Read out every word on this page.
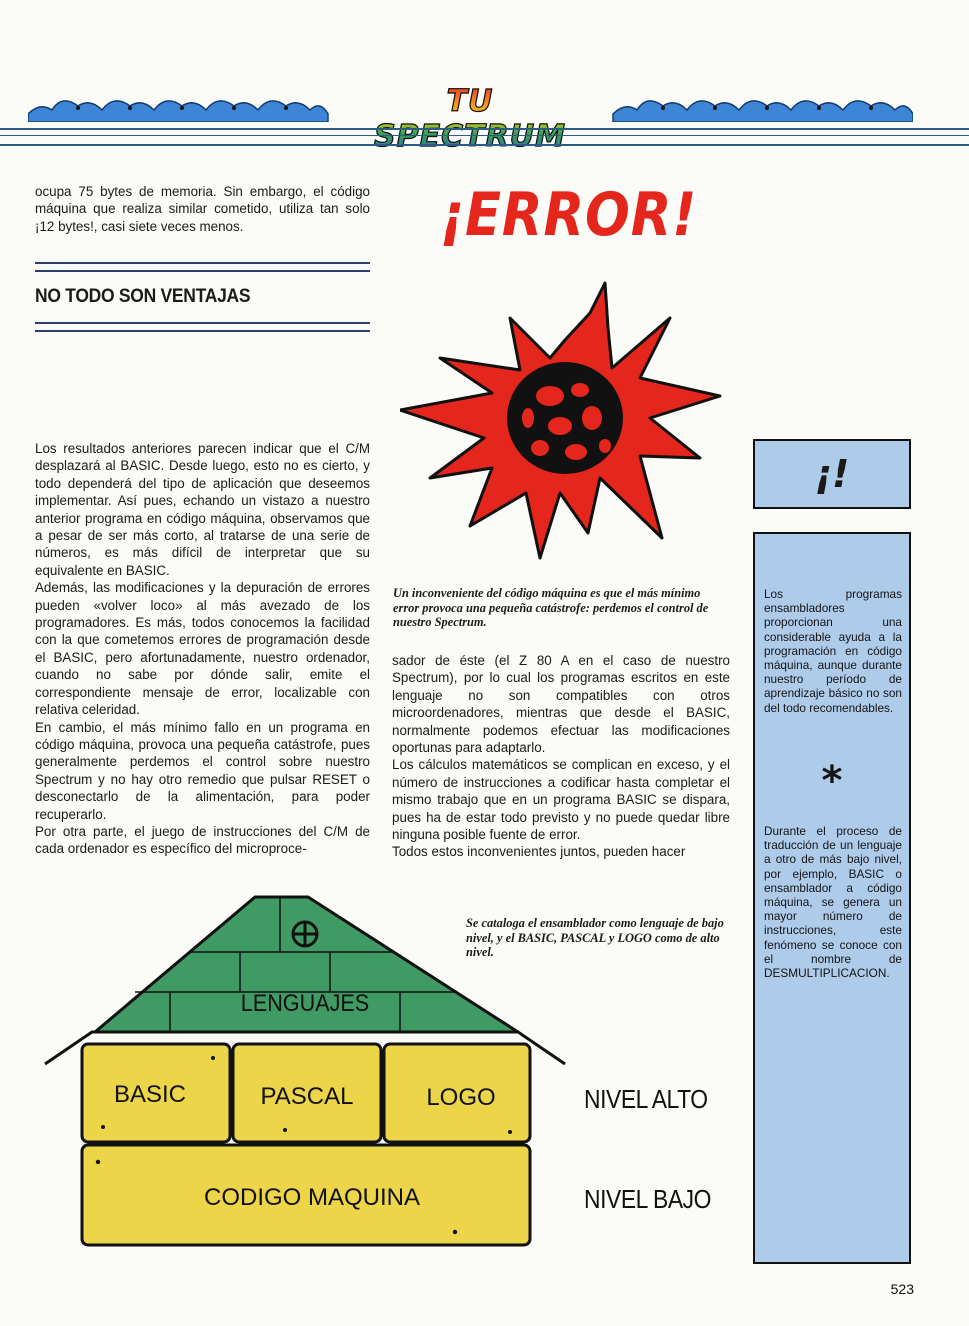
TU SPECTRUM

ocupa 75 bytes de memoria. Sin embargo, el código máquina que realiza similar cometido, utiliza tan solo ¡12 bytes!, casi siete veces menos.

NO TODO SON VENTAJAS

Los resultados anteriores parecen indicar que el C/M desplazará al BASIC. Desde luego, esto no es cierto, y todo dependerá del tipo de aplicación que deseemos implementar. Así pues, echando un vistazo a nuestro anterior programa en código máquina, observamos que a pesar de ser más corto, al tratarse de una serie de números, es más difícil de interpretar que su equivalente en BASIC.

Además, las modificaciones y la depuración de errores pueden «volver loco» al más avezado de los programadores. Es más, todos conocemos la facilidad con la que cometemos errores de programación desde el BASIC, pero afortunadamente, nuestro ordenador, cuando no sabe por dónde salir, emite el correspondiente mensaje de error, localizable con relativa celeridad.

En cambio, el más mínimo fallo en un programa en código máquina, provoca una pequeña catástrofe, pues generalmente perdemos el control sobre nuestro Spectrum y no hay otro remedio que pulsar RESET o desconectarlo de la alimentación, para poder recuperarlo.

Por otra parte, el juego de instrucciones del C/M de cada ordenador es específico del microproce-

¡ERROR!
Un inconveniente del código máquina es que el más mínimo error provoca una pequeña catástrofe: perdemos el control de nuestro Spectrum.

sador de éste (el Z 80 A en el caso de nuestro Spectrum), por lo cual los programas escritos en este lenguaje no son compatibles con otros microordenadores, mientras que desde el BASIC, normalmente podemos efectuar las modificaciones oportunas para adaptarlo.

Los cálculos matemáticos se complican en exceso, y el número de instrucciones a codificar hasta completar el mismo trabajo que en un programa BASIC se dispara, pues ha de estar todo previsto y no puede quedar libre ninguna posible fuente de error.

Todos estos inconvenientes juntos, pueden hacer

Se cataloga el ensamblador como lenguaje de bajo nivel, y el BASIC, PASCAL y LOGO como de alto nivel.
¡!
Los programas ensambladores proporcionan una considerable ayuda a la programación en código máquina, aunque durante nuestro período de aprendizaje básico no son del todo recomendables.
*
Durante el proceso de traducción de un lenguaje a otro de más bajo nivel, por ejemplo, BASIC o ensamblador a código máquina, se genera un mayor número de instrucciones, este fenómeno se conoce con el nombre de DESMULTIPLICACION.
LENGUAJES
BASIC	PASCAL	LOGO
CODIGO MAQUINA
NIVEL ALTO
NIVEL BAJO
523
